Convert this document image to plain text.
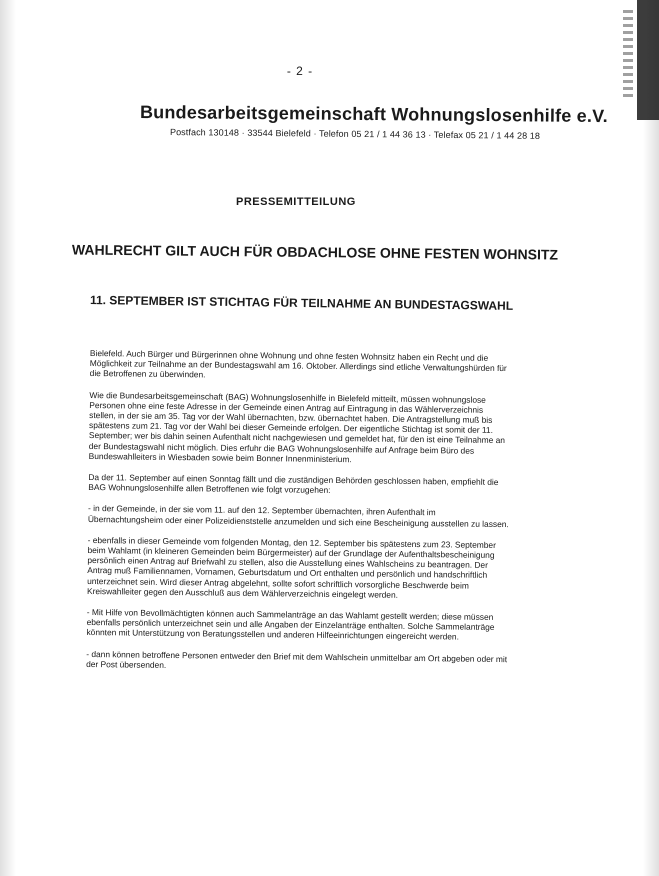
- 2 -
Bundesarbeitsgemeinschaft Wohnungslosenhilfe e.V.
Postfach 130148 · 33544 Bielefeld · Telefon 05 21 / 1 44 36 13 · Telefax 05 21 / 1 44 28 18
PRESSEMITTEILUNG
WAHLRECHT GILT AUCH FÜR OBDACHLOSE OHNE FESTEN WOHNSITZ
11. SEPTEMBER IST STICHTAG FÜR TEILNAHME AN BUNDESTAGSWAHL

Bielefeld. Auch Bürger und Bürgerinnen ohne Wohnung und ohne festen Wohnsitz haben ein Recht und die Möglichkeit zur Teilnahme an der Bundestagswahl am 16. Oktober. Allerdings sind etliche Verwaltungshürden für die Betroffenen zu überwinden.

Wie die Bundesarbeitsgemeinschaft (BAG) Wohnungslosenhilfe in Bielefeld mitteilt, müssen wohnungslose Personen ohne eine feste Adresse in der Gemeinde einen Antrag auf Eintragung in das Wählerverzeichnis stellen, in der sie am 35. Tag vor der Wahl übernachten, bzw. übernachtet haben. Die Antragstellung muß bis spätestens zum 21. Tag vor der Wahl bei dieser Gemeinde erfolgen. Der eigentliche Stichtag ist somit der 11. September; wer bis dahin seinen Aufenthalt nicht nachgewiesen und gemeldet hat, für den ist eine Teilnahme an der Bundestagswahl nicht möglich. Dies erfuhr die BAG Wohnungslosenhilfe auf Anfrage beim Büro des Bundeswahlleiters in Wiesbaden sowie beim Bonner Innenministerium.

Da der 11. September auf einen Sonntag fällt und die zuständigen Behörden geschlossen haben, empfiehlt die BAG Wohnungslosenhilfe allen Betroffenen wie folgt vorzugehen:

- in der Gemeinde, in der sie vom 11. auf den 12. September übernachten, ihren Aufenthalt im Übernachtungsheim oder einer Polizeidienststelle anzumelden und sich eine Bescheinigung ausstellen zu lassen.

- ebenfalls in dieser Gemeinde vom folgenden Montag, den 12. September bis spätestens zum 23. September beim Wahlamt (in kleineren Gemeinden beim Bürgermeister) auf der Grundlage der Aufenthaltsbescheinigung persönlich einen Antrag auf Briefwahl zu stellen, also die Ausstellung eines Wahlscheins zu beantragen. Der Antrag muß Familiennamen, Vornamen, Geburtsdatum und Ort enthalten und persönlich und handschriftlich unterzeichnet sein. Wird dieser Antrag abgelehnt, sollte sofort schriftlich vorsorgliche Beschwerde beim Kreiswahlleiter gegen den Ausschluß aus dem Wählerverzeichnis eingelegt werden.

- Mit Hilfe von Bevollmächtigten können auch Sammelanträge an das Wahlamt gestellt werden; diese müssen ebenfalls persönlich unterzeichnet sein und alle Angaben der Einzelanträge enthalten. Solche Sammelanträge könnten mit Unterstützung von Beratungsstellen und anderen Hilfeeinrichtungen eingereicht werden.

- dann können betroffene Personen entweder den Brief mit dem Wahlschein unmittelbar am Ort abgeben oder mit der Post übersenden.
